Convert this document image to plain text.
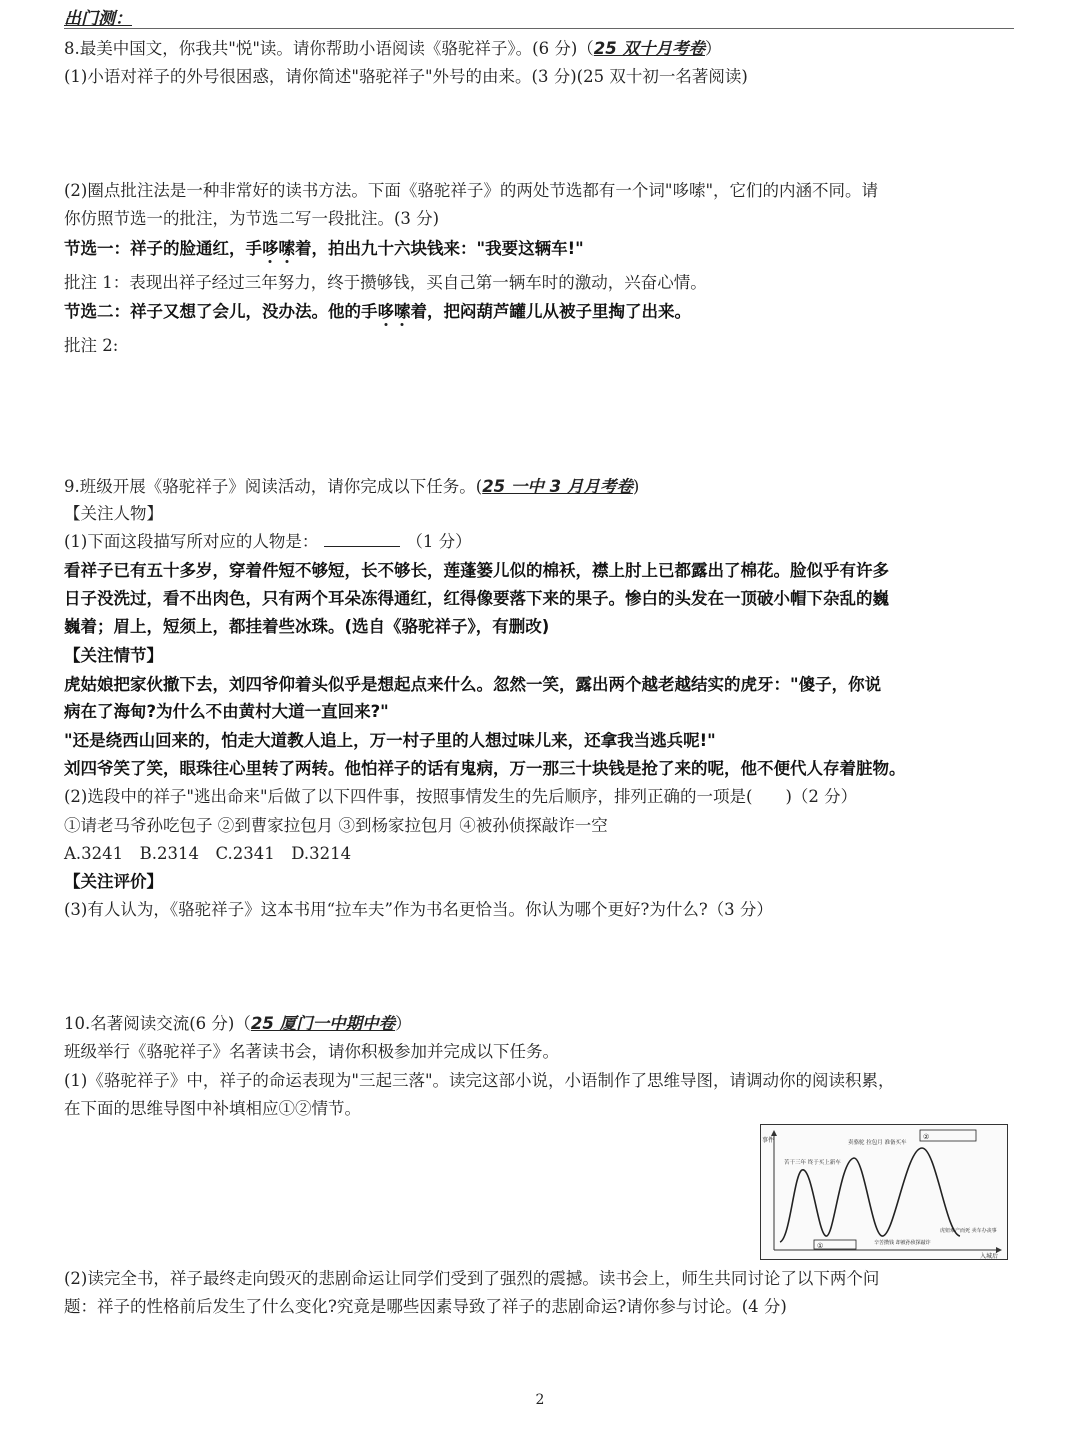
出门测：
8.最美中国文，你我共"悦"读。请你帮助小语阅读《骆驼祥子》。(6 分)（25 双十月考卷）
(1)小语对祥子的外号很困惑，请你简述"骆驼祥子"外号的由来。(3 分)(25 双十初一名著阅读)
(2)圈点批注法是一种非常好的读书方法。下面《骆驼祥子》的两处节选都有一个词"哆嗦"，它们的内涵不同。请
你仿照节选一的批注，为节选二写一段批注。(3 分)
节选一：祥子的脸通红，手哆嗦着，拍出九十六块钱来："我要这辆车!"
批注 1：表现出祥子经过三年努力，终于攒够钱，买自己第一辆车时的激动，兴奋心情。
节选二：祥子又想了会儿，没办法。他的手哆嗦着，把闷葫芦罐儿从被子里掏了出来。
批注 2:
9.班级开展《骆驼祥子》阅读活动，请你完成以下任务。(25 一中 3 月月考卷)
【关注人物】
(1)下面这段描写所对应的人物是：	（1 分）
看祥子已有五十多岁，穿着件短不够短，长不够长，莲蓬篓儿似的棉袄，襟上肘上已都露出了棉花。脸似乎有许多
日子没洗过，看不出肉色，只有两个耳朵冻得通红，红得像要落下来的果子。惨白的头发在一顶破小帽下杂乱的巍
巍着；眉上，短须上，都挂着些冰珠。(选自《骆驼祥子》，有删改)
【关注情节】
虎姑娘把家伙撤下去，刘四爷仰着头似乎是想起点来什么。忽然一笑，露出两个越老越结实的虎牙："傻子，你说
病在了海甸?为什么不由黄村大道一直回来?"
"还是绕西山回来的，怕走大道教人追上，万一村子里的人想过味儿来，还拿我当逃兵呢!"
刘四爷笑了笑，眼珠往心里转了两转。他怕祥子的话有鬼病，万一那三十块钱是抢了来的呢，他不便代人存着脏物。
(2)选段中的祥子"逃出命来"后做了以下四件事，按照事情发生的先后顺序，排列正确的一项是(　　)（2 分）
①请老马爷孙吃包子 ②到曹家拉包月 ③到杨家拉包月 ④被孙侦探敲诈一空
A.3241　B.2314　C.2341　D.3214
【关注评价】
(3)有人认为，《骆驼祥子》这本书用“拉车夫”作为书名更恰当。你认为哪个更好?为什么?（3 分）
10.名著阅读交流(6 分)（25 厦门一中期中卷）
班级举行《骆驼祥子》名著读书会，请你积极参加并完成以下任务。
(1)《骆驼祥子》中，祥子的命运表现为"三起三落"。读完这部小说，小语制作了思维导图，请调动你的阅读积累，
在下面的思维导图中补填相应①②情节。
事件
入城后
苦干三年 终于买上新车
卖骆驼 拉包月 准备买车
②
①	辛苦攒钱 却被孙侦探敲诈
虎妞难产而死 卖车办丧事
(2)读完全书，祥子最终走向毁灭的悲剧命运让同学们受到了强烈的震撼。读书会上，师生共同讨论了以下两个问
题：祥子的性格前后发生了什么变化?究竟是哪些因素导致了祥子的悲剧命运?请你参与讨论。(4 分)
2
